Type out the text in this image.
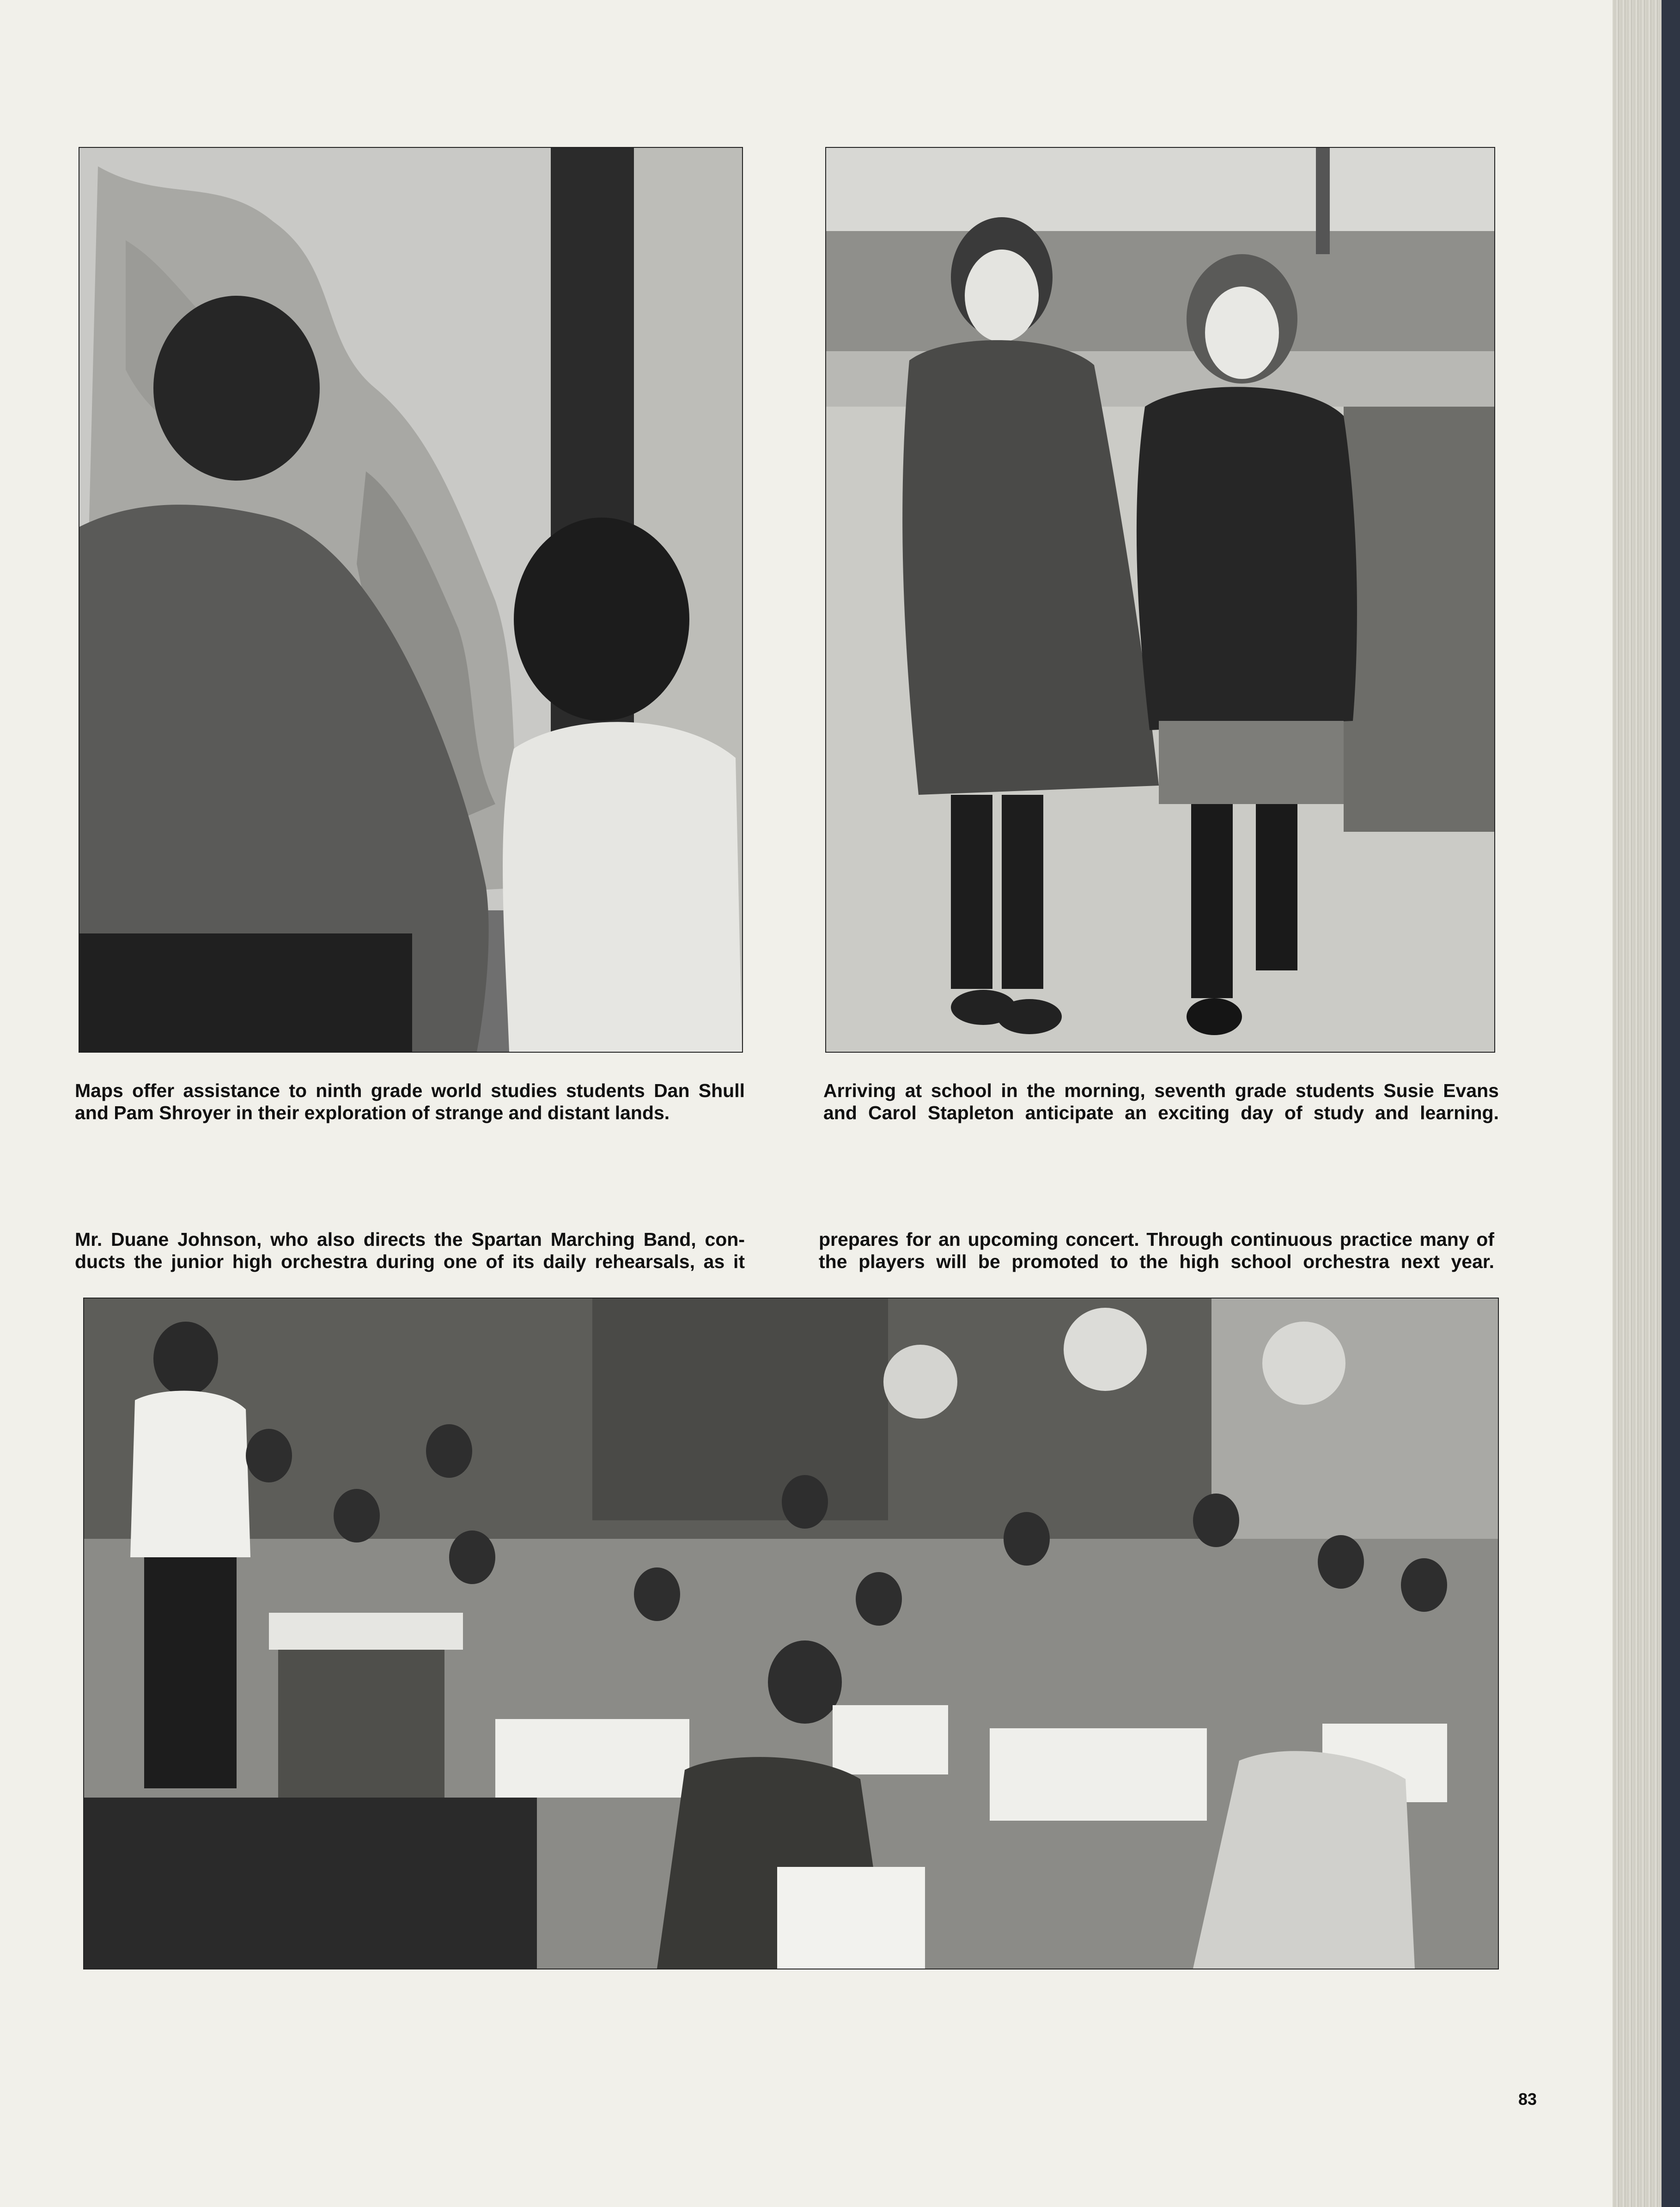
Maps offer assistance to ninth grade world studies students Dan Shull
and Pam Shroyer in their exploration of strange and distant lands.
Arriving at school in the morning, seventh grade students Susie Evans
and Carol Stapleton anticipate an exciting day of study and learning.
Mr. Duane Johnson, who also directs the Spartan Marching Band, con-
ducts the junior high orchestra during one of its daily rehearsals, as it
prepares for an upcoming concert. Through continuous practice many of
the players will be promoted to the high school orchestra next year.
83
